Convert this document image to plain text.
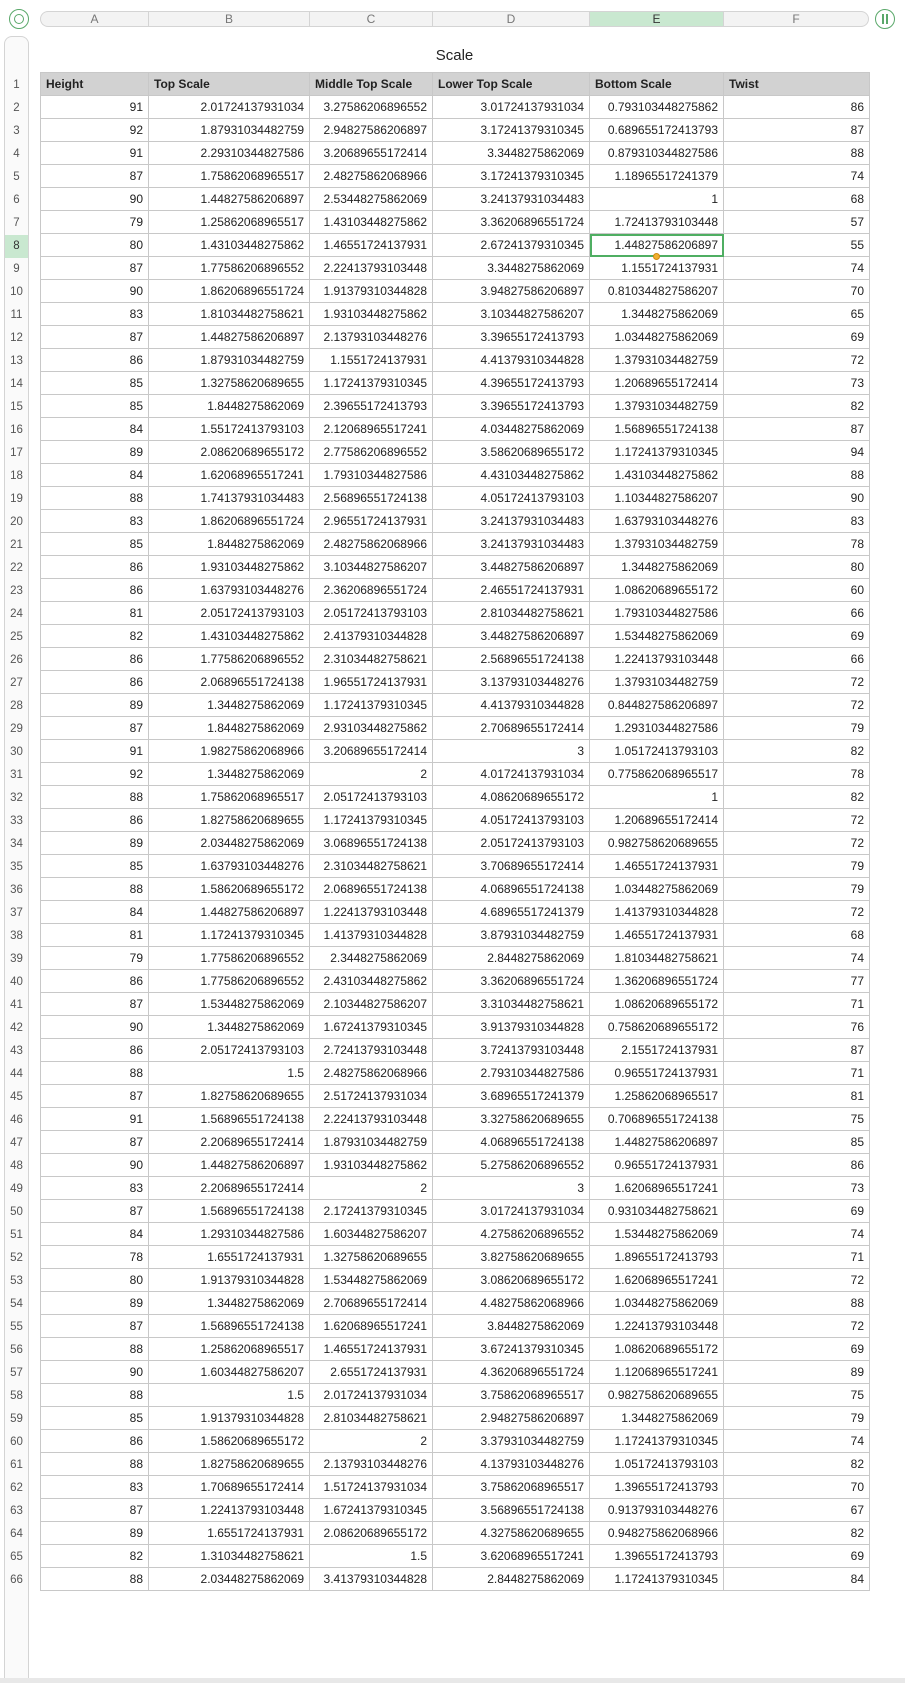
A	B	C	D	E	F
1
2
3
4
5
6
7
8
9
10
11
12
13
14
15
16
17
18
19
20
21
22
23
24
25
26
27
28
29
30
31
32
33
34
35
36
37
38
39
40
41
42
43
44
45
46
47
48
49
50
51
52
53
54
55
56
57
58
59
60
61
62
63
64
65
66
Scale
Height	Top Scale	Middle Top Scale	Lower Top Scale	Bottom Scale	Twist
91	2.01724137931034	3.27586206896552	3.01724137931034	0.793103448275862	86
92	1.87931034482759	2.94827586206897	3.17241379310345	0.689655172413793	87
91	2.29310344827586	3.20689655172414	3.3448275862069	0.879310344827586	88
87	1.75862068965517	2.48275862068966	3.17241379310345	1.18965517241379	74
90	1.44827586206897	2.53448275862069	3.24137931034483	1	68
79	1.25862068965517	1.43103448275862	3.36206896551724	1.72413793103448	57
80	1.43103448275862	1.46551724137931	2.67241379310345	1.44827586206897	55
87	1.77586206896552	2.22413793103448	3.3448275862069	1.1551724137931	74
90	1.86206896551724	1.91379310344828	3.94827586206897	0.810344827586207	70
83	1.81034482758621	1.93103448275862	3.10344827586207	1.3448275862069	65
87	1.44827586206897	2.13793103448276	3.39655172413793	1.03448275862069	69
86	1.87931034482759	1.1551724137931	4.41379310344828	1.37931034482759	72
85	1.32758620689655	1.17241379310345	4.39655172413793	1.20689655172414	73
85	1.8448275862069	2.39655172413793	3.39655172413793	1.37931034482759	82
84	1.55172413793103	2.12068965517241	4.03448275862069	1.56896551724138	87
89	2.08620689655172	2.77586206896552	3.58620689655172	1.17241379310345	94
84	1.62068965517241	1.79310344827586	4.43103448275862	1.43103448275862	88
88	1.74137931034483	2.56896551724138	4.05172413793103	1.10344827586207	90
83	1.86206896551724	2.96551724137931	3.24137931034483	1.63793103448276	83
85	1.8448275862069	2.48275862068966	3.24137931034483	1.37931034482759	78
86	1.93103448275862	3.10344827586207	3.44827586206897	1.3448275862069	80
86	1.63793103448276	2.36206896551724	2.46551724137931	1.08620689655172	60
81	2.05172413793103	2.05172413793103	2.81034482758621	1.79310344827586	66
82	1.43103448275862	2.41379310344828	3.44827586206897	1.53448275862069	69
86	1.77586206896552	2.31034482758621	2.56896551724138	1.22413793103448	66
86	2.06896551724138	1.96551724137931	3.13793103448276	1.37931034482759	72
89	1.3448275862069	1.17241379310345	4.41379310344828	0.844827586206897	72
87	1.8448275862069	2.93103448275862	2.70689655172414	1.29310344827586	79
91	1.98275862068966	3.20689655172414	3	1.05172413793103	82
92	1.3448275862069	2	4.01724137931034	0.775862068965517	78
88	1.75862068965517	2.05172413793103	4.08620689655172	1	82
86	1.82758620689655	1.17241379310345	4.05172413793103	1.20689655172414	72
89	2.03448275862069	3.06896551724138	2.05172413793103	0.982758620689655	72
85	1.63793103448276	2.31034482758621	3.70689655172414	1.46551724137931	79
88	1.58620689655172	2.06896551724138	4.06896551724138	1.03448275862069	79
84	1.44827586206897	1.22413793103448	4.68965517241379	1.41379310344828	72
81	1.17241379310345	1.41379310344828	3.87931034482759	1.46551724137931	68
79	1.77586206896552	2.3448275862069	2.8448275862069	1.81034482758621	74
86	1.77586206896552	2.43103448275862	3.36206896551724	1.36206896551724	77
87	1.53448275862069	2.10344827586207	3.31034482758621	1.08620689655172	71
90	1.3448275862069	1.67241379310345	3.91379310344828	0.758620689655172	76
86	2.05172413793103	2.72413793103448	3.72413793103448	2.1551724137931	87
88	1.5	2.48275862068966	2.79310344827586	0.96551724137931	71
87	1.82758620689655	2.51724137931034	3.68965517241379	1.25862068965517	81
91	1.56896551724138	2.22413793103448	3.32758620689655	0.706896551724138	75
87	2.20689655172414	1.87931034482759	4.06896551724138	1.44827586206897	85
90	1.44827586206897	1.93103448275862	5.27586206896552	0.96551724137931	86
83	2.20689655172414	2	3	1.62068965517241	73
87	1.56896551724138	2.17241379310345	3.01724137931034	0.931034482758621	69
84	1.29310344827586	1.60344827586207	4.27586206896552	1.53448275862069	74
78	1.6551724137931	1.32758620689655	3.82758620689655	1.89655172413793	71
80	1.91379310344828	1.53448275862069	3.08620689655172	1.62068965517241	72
89	1.3448275862069	2.70689655172414	4.48275862068966	1.03448275862069	88
87	1.56896551724138	1.62068965517241	3.8448275862069	1.22413793103448	72
88	1.25862068965517	1.46551724137931	3.67241379310345	1.08620689655172	69
90	1.60344827586207	2.6551724137931	4.36206896551724	1.12068965517241	89
88	1.5	2.01724137931034	3.75862068965517	0.982758620689655	75
85	1.91379310344828	2.81034482758621	2.94827586206897	1.3448275862069	79
86	1.58620689655172	2	3.37931034482759	1.17241379310345	74
88	1.82758620689655	2.13793103448276	4.13793103448276	1.05172413793103	82
83	1.70689655172414	1.51724137931034	3.75862068965517	1.39655172413793	70
87	1.22413793103448	1.67241379310345	3.56896551724138	0.913793103448276	67
89	1.6551724137931	2.08620689655172	4.32758620689655	0.948275862068966	82
82	1.31034482758621	1.5	3.62068965517241	1.39655172413793	69
88	2.03448275862069	3.41379310344828	2.8448275862069	1.17241379310345	84
